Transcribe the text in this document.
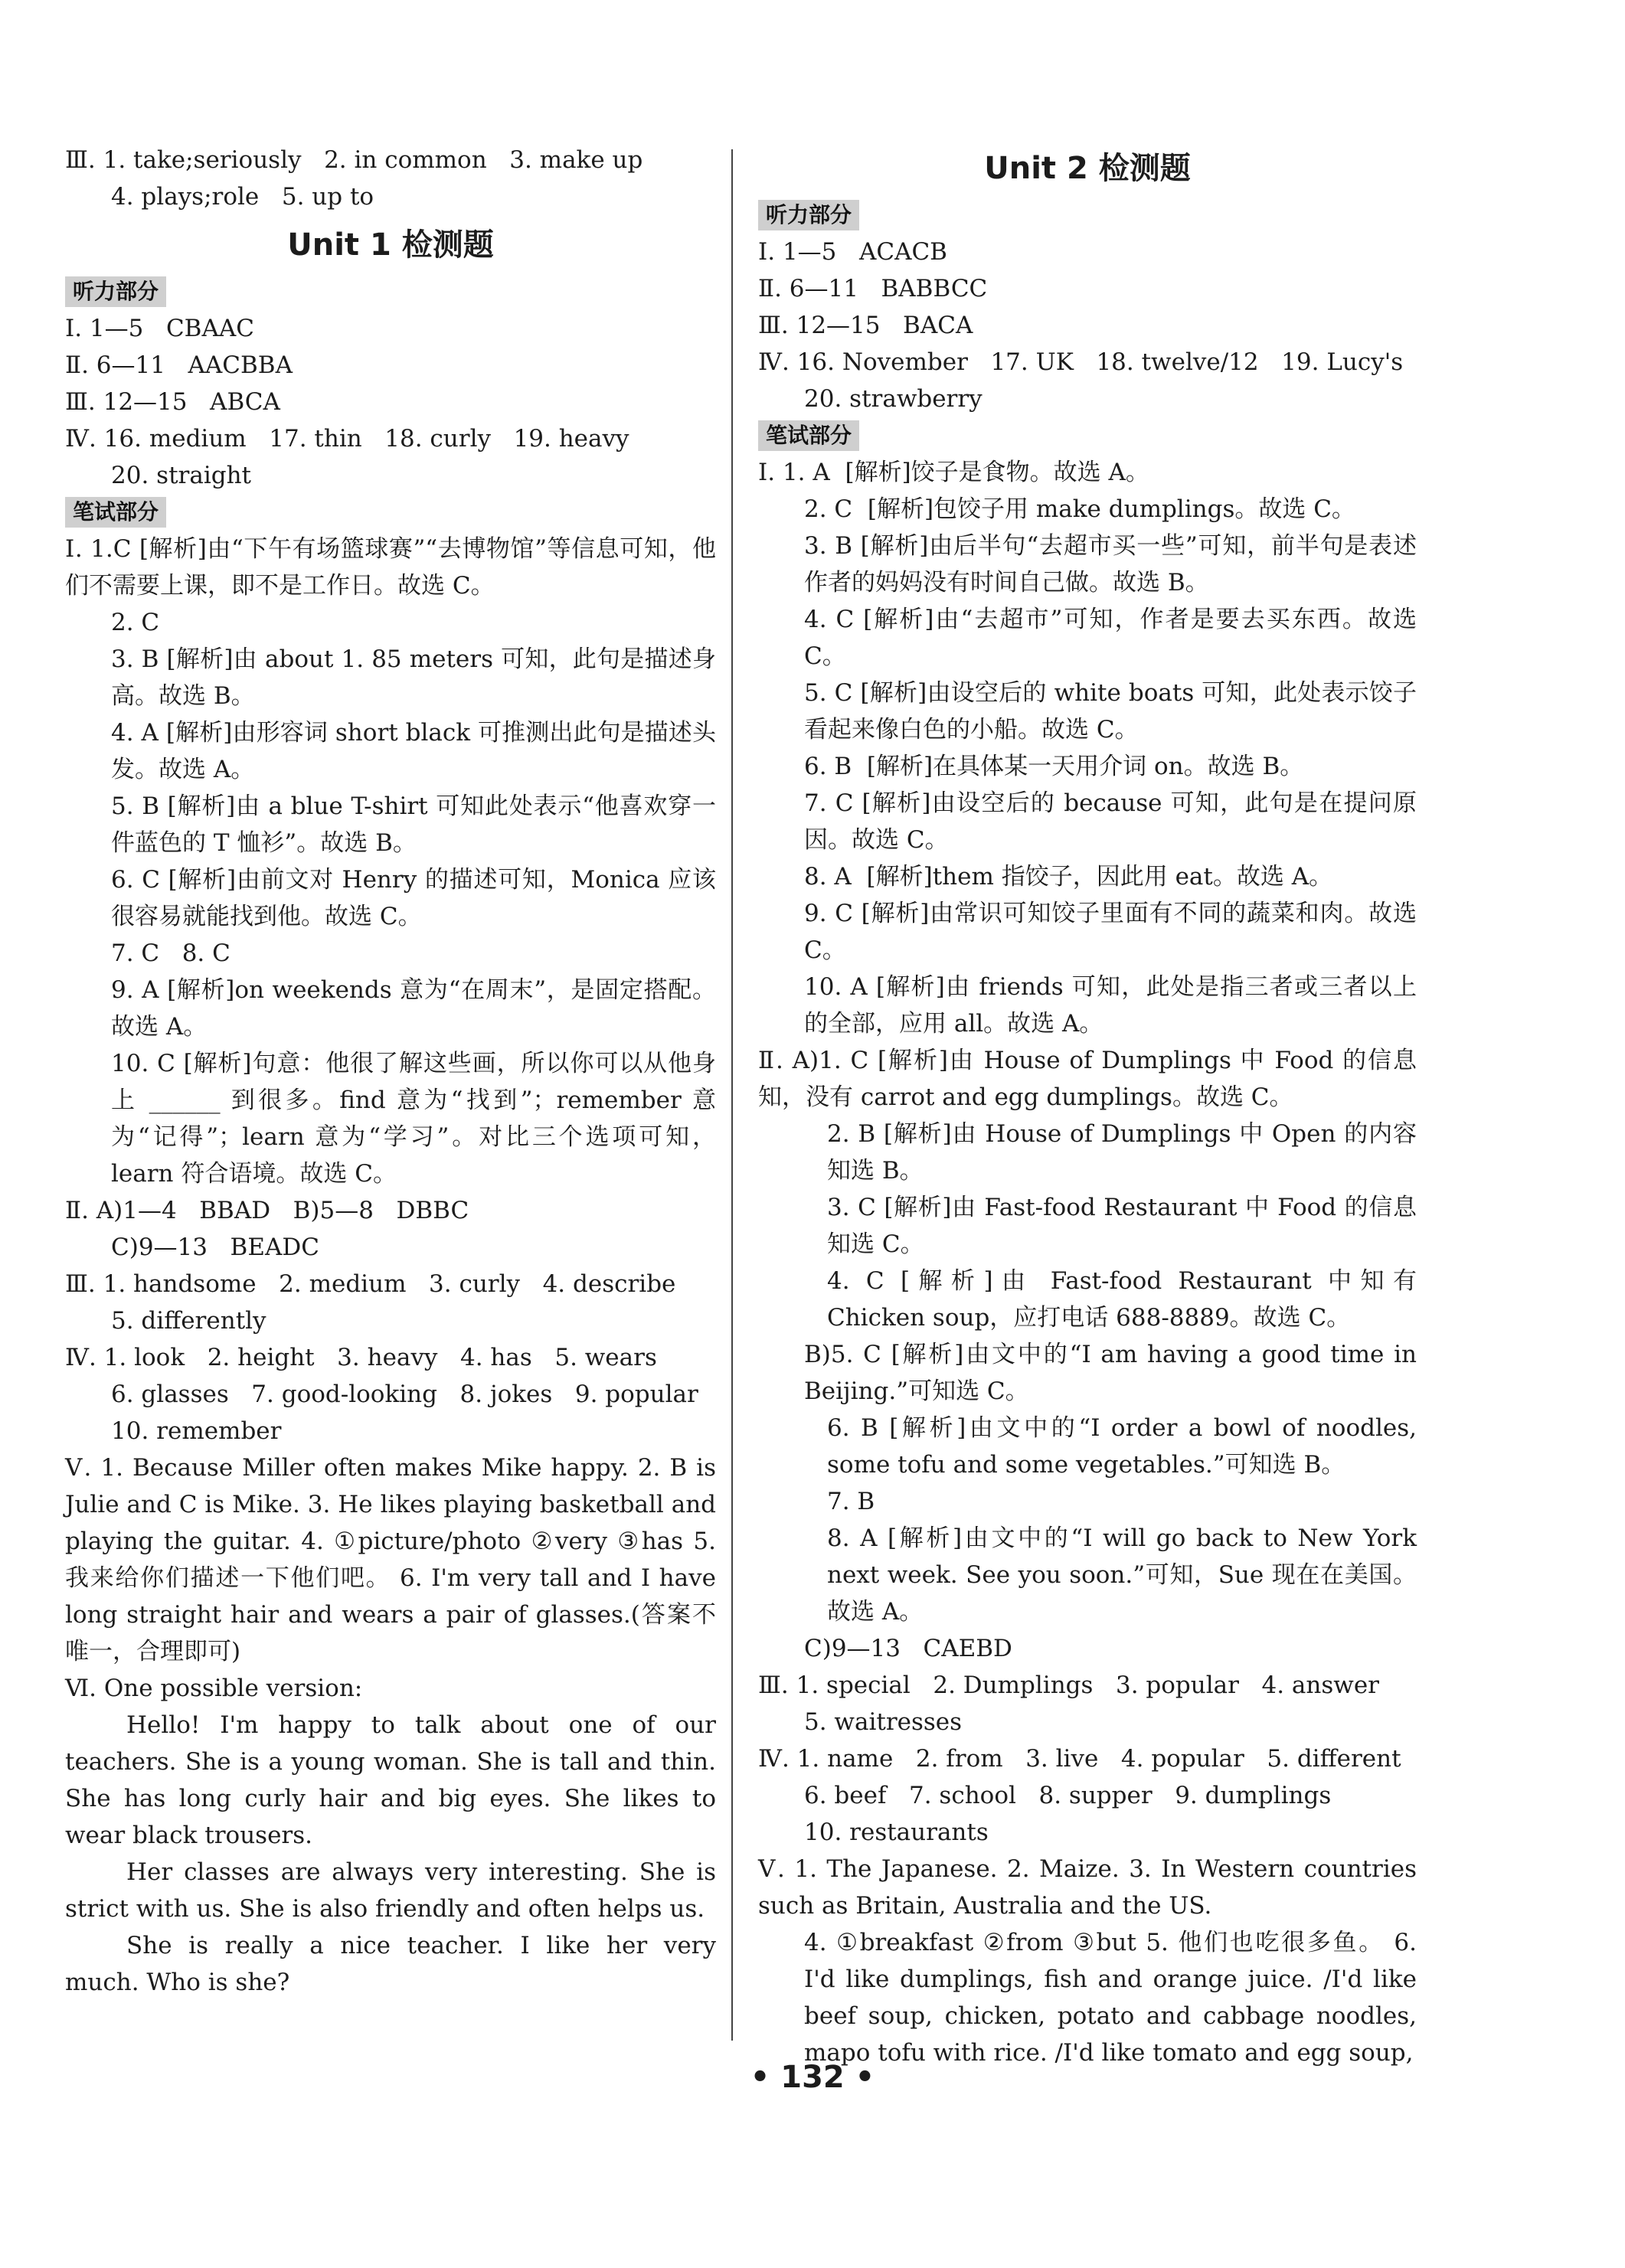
Ⅲ. 1. take;seriously   2. in common   3. make up
4. plays;role   5. up to
Unit 1 检测题
听力部分
Ⅰ. 1—5   CBAAC
Ⅱ. 6—11   AACBBA
Ⅲ. 12—15   ABCA
Ⅳ. 16. medium   17. thin   18. curly   19. heavy
20. straight
笔试部分
Ⅰ. 1.C [解析]由“下午有场篮球赛”“去博物馆”等信息可知，他们不需要上课，即不是工作日。故选 C。
2. C
3. B [解析]由 about 1. 85 meters 可知，此句是描述身高。故选 B。
4. A [解析]由形容词 short black 可推测出此句是描述头发。故选 A。
5. B [解析]由 a blue T-shirt 可知此处表示“他喜欢穿一件蓝色的 T 恤衫”。故选 B。
6. C [解析]由前文对 Henry 的描述可知，Monica 应该很容易就能找到他。故选 C。
7. C   8. C
9. A [解析]on weekends 意为“在周末”，是固定搭配。故选 A。
10. C [解析]句意：他很了解这些画，所以你可以从他身上 ______ 到很多。find 意为“找到”；remember 意为“记得”；learn 意为“学习”。对比三个选项可知，learn 符合语境。故选 C。
Ⅱ. A)1—4   BBAD   B)5—8   DBBC
C)9—13   BEADC
Ⅲ. 1. handsome   2. medium   3. curly   4. describe
5. differently
Ⅳ. 1. look   2. height   3. heavy   4. has   5. wears
6. glasses   7. good-looking   8. jokes   9. popular
10. remember
Ⅴ. 1. Because Miller often makes Mike happy. 2. B is Julie and C is Mike. 3. He likes playing basketball and playing the guitar. 4. ①picture/photo ②very ③has 5. 我来给你们描述一下他们吧。 6. I'm very tall and I have long straight hair and wears a pair of glasses.(答案不唯一，合理即可)
Ⅵ. One possible version:
Hello! I'm happy to talk about one of our teachers. She is a young woman. She is tall and thin. She has long curly hair and big eyes. She likes to wear black trousers.
Her classes are always very interesting. She is strict with us. She is also friendly and often helps us.
She is really a nice teacher. I like her very much. Who is she?
Unit 2 检测题
听力部分
Ⅰ. 1—5   ACACB
Ⅱ. 6—11   BABBCC
Ⅲ. 12—15   BACA
Ⅳ. 16. November   17. UK   18. twelve/12   19. Lucy's
20. strawberry
笔试部分
Ⅰ. 1. A  [解析]饺子是食物。故选 A。
2. C  [解析]包饺子用 make dumplings。故选 C。
3. B [解析]由后半句“去超市买一些”可知，前半句是表述作者的妈妈没有时间自己做。故选 B。
4. C [解析]由“去超市”可知，作者是要去买东西。故选 C。
5. C [解析]由设空后的 white boats 可知，此处表示饺子看起来像白色的小船。故选 C。
6. B  [解析]在具体某一天用介词 on。故选 B。
7. C [解析]由设空后的 because 可知，此句是在提问原因。故选 C。
8. A  [解析]them 指饺子，因此用 eat。故选 A。
9. C [解析]由常识可知饺子里面有不同的蔬菜和肉。故选 C。
10. A [解析]由 friends 可知，此处是指三者或三者以上的全部，应用 all。故选 A。
Ⅱ. A)1. C [解析]由 House of Dumplings 中 Food 的信息知，没有 carrot and egg dumplings。故选 C。
2. B [解析]由 House of Dumplings 中 Open 的内容知选 B。
3. C [解析]由 Fast-food Restaurant 中 Food 的信息知选 C。
4. C [解析]由 Fast-food Restaurant 中知有 Chicken soup，应打电话 688-8889。故选 C。
B)5. C [解析]由文中的“I am having a good time in Beijing.”可知选 C。
6. B [解析]由文中的“I order a bowl of noodles, some tofu and some vegetables.”可知选 B。
7. B
8. A [解析]由文中的“I will go back to New York next week. See you soon.”可知，Sue 现在在美国。故选 A。
C)9—13   CAEBD
Ⅲ. 1. special   2. Dumplings   3. popular   4. answer
5. waitresses
Ⅳ. 1. name   2. from   3. live   4. popular   5. different
6. beef   7. school   8. supper   9. dumplings
10. restaurants
Ⅴ. 1. The Japanese. 2. Maize. 3. In Western countries such as Britain, Australia and the US.
4. ①breakfast ②from ③but 5. 他们也吃很多鱼。 6. I'd like dumplings, fish and orange juice. /I'd like beef soup, chicken, potato and cabbage noodles, mapo tofu with rice. /I'd like tomato and egg soup,
• 132 •
